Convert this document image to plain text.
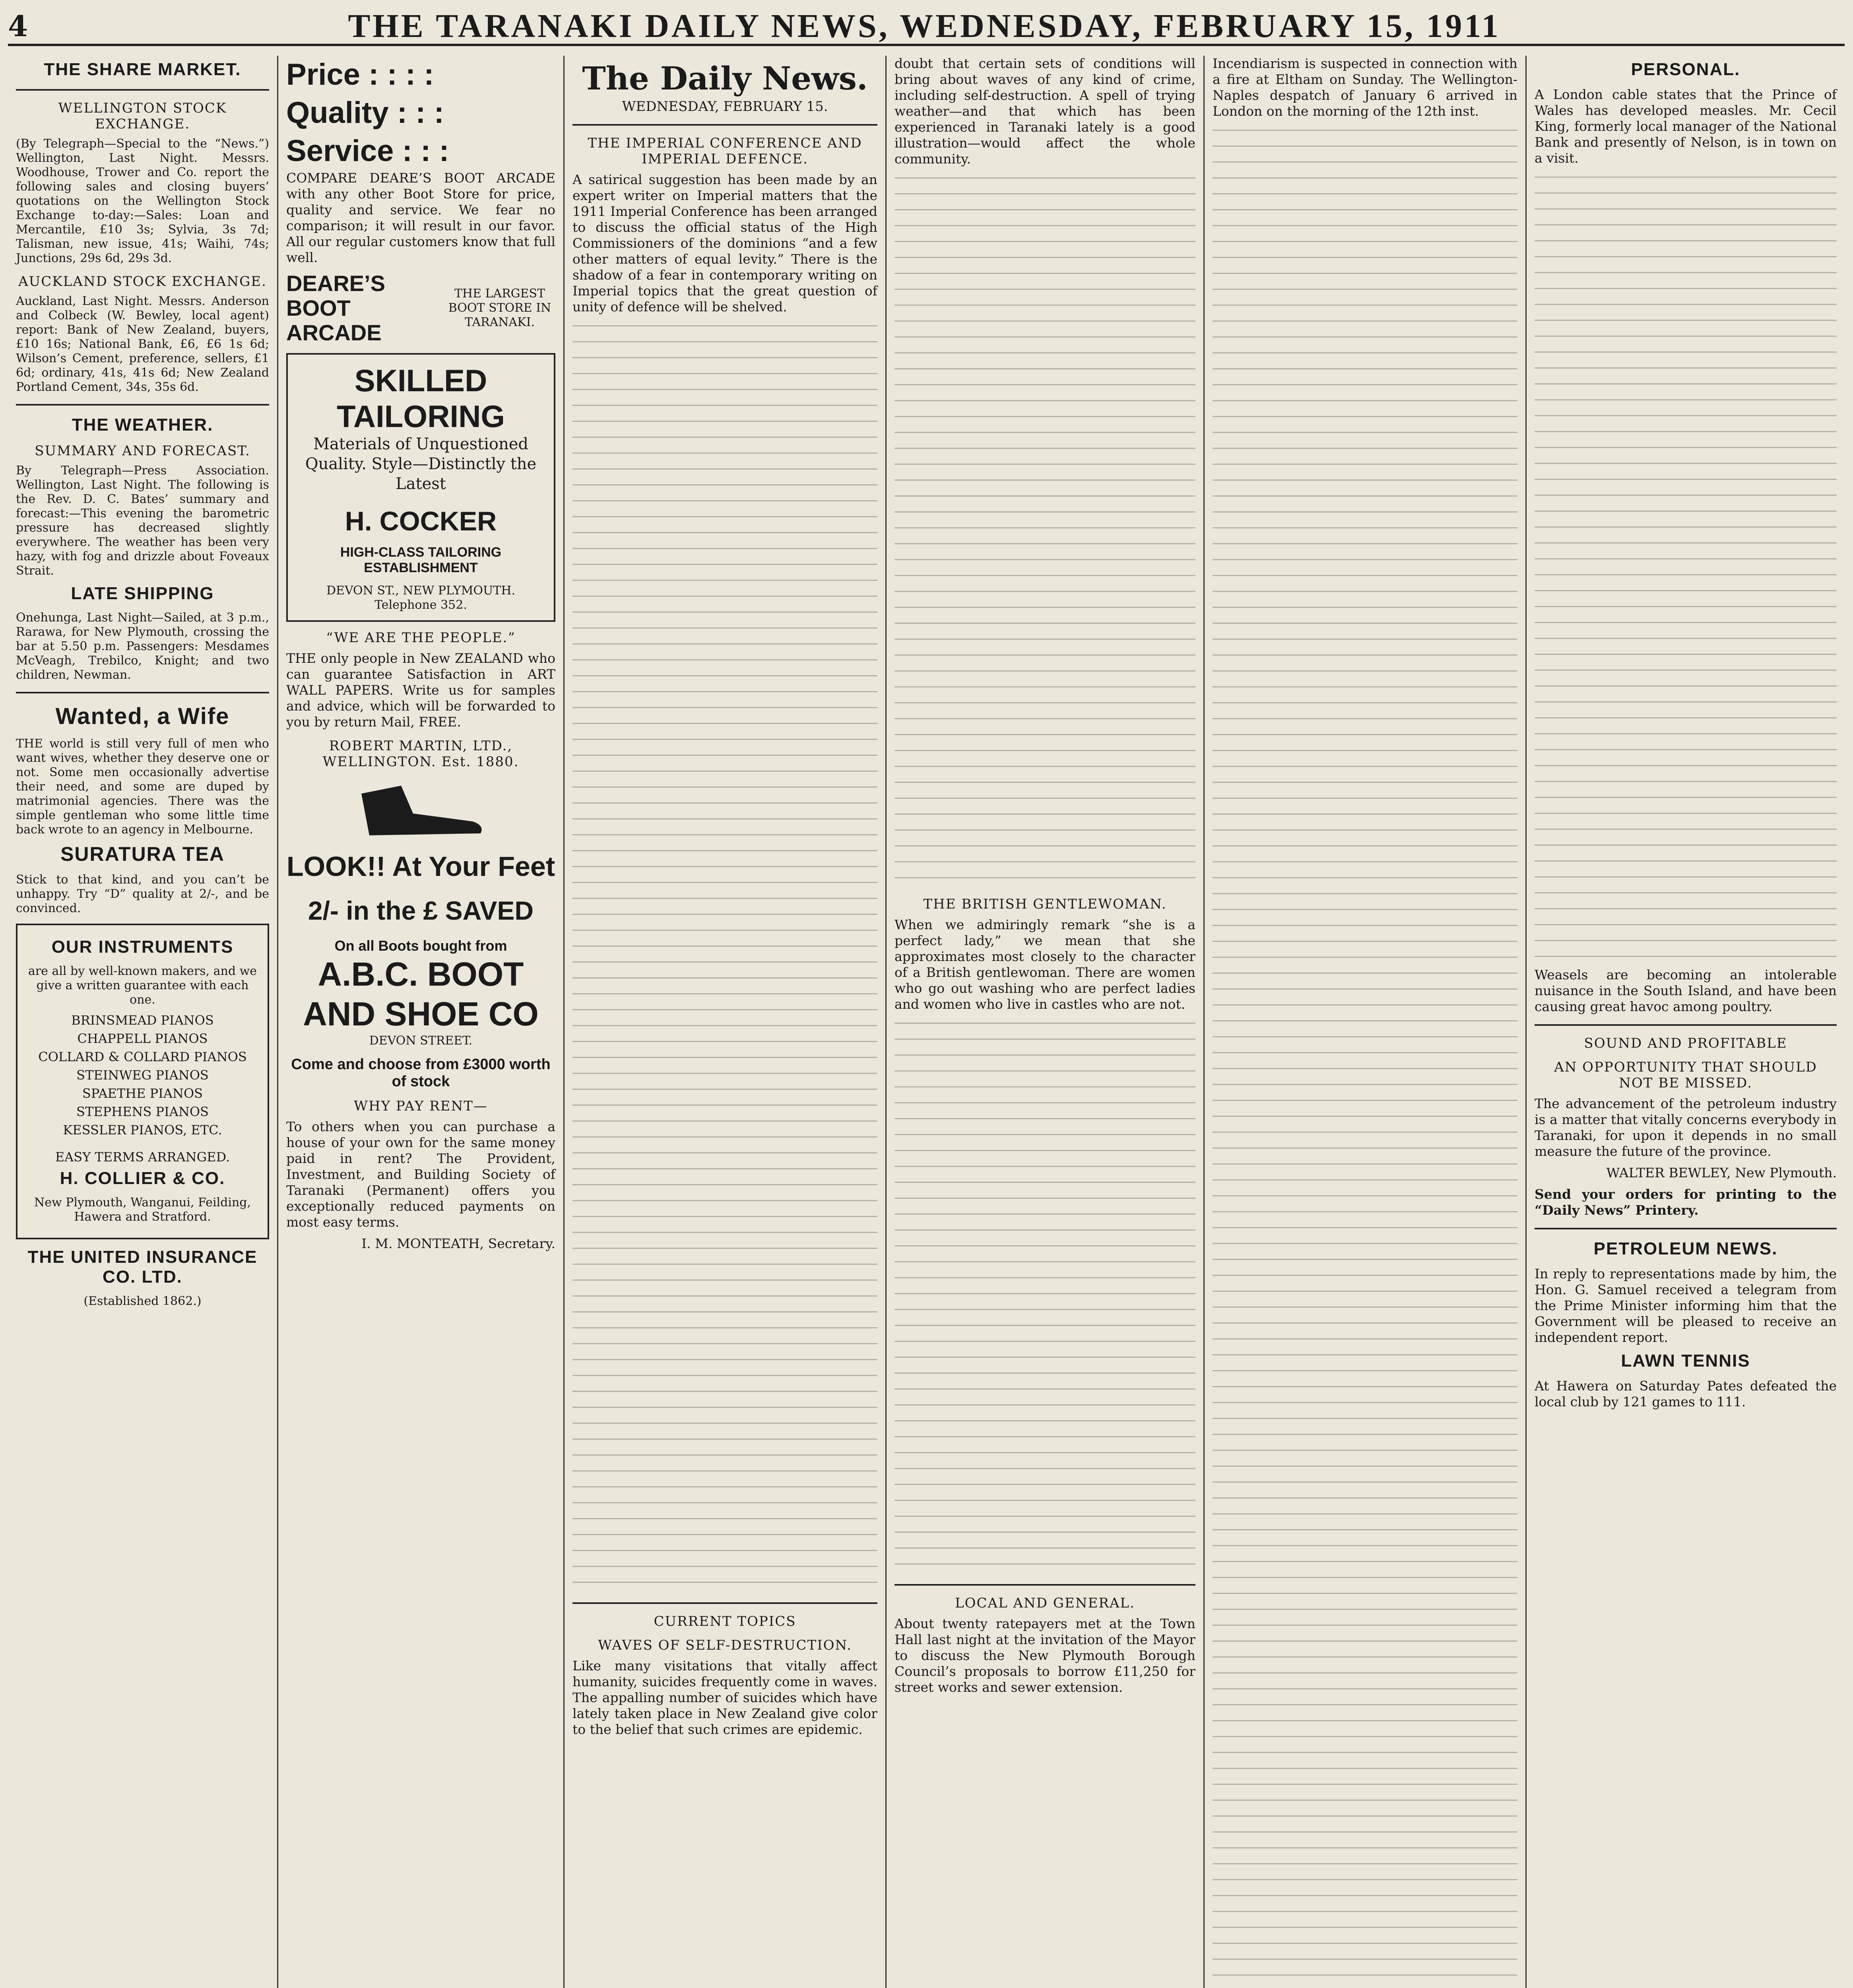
4	THE TARANAKI DAILY NEWS, WEDNESDAY, FEBRUARY 15, 1911
THE SHARE MARKET.
WELLINGTON STOCK EXCHANGE.

(By Telegraph—Special to the “News.”) Wellington, Last Night. Messrs. Woodhouse, Trower and Co. report the following sales and closing buyers’ quotations on the Wellington Stock Exchange to-day:—Sales: Loan and Mercantile, £10 3s; Sylvia, 3s 7d; Talisman, new issue, 41s; Waihi, 74s; Junctions, 29s 6d, 29s 3d.

AUCKLAND STOCK EXCHANGE.

Auckland, Last Night. Messrs. Anderson and Colbeck (W. Bewley, local agent) report: Bank of New Zealand, buyers, £10 16s; National Bank, £6, £6 1s 6d; Wilson’s Cement, preference, sellers, £1 6d; ordinary, 41s, 41s 6d; New Zealand Portland Cement, 34s, 35s 6d.

THE WEATHER.
SUMMARY AND FORECAST.

By Telegraph—Press Association. Wellington, Last Night. The following is the Rev. D. C. Bates’ summary and forecast:—This evening the barometric pressure has decreased slightly everywhere. The weather has been very hazy, with fog and drizzle about Foveaux Strait.

LATE SHIPPING

Onehunga, Last Night—Sailed, at 3 p.m., Rarawa, for New Plymouth, crossing the bar at 5.50 p.m. Passengers: Mesdames McVeagh, Trebilco, Knight; and two children, Newman.

Wanted, a Wife

THE world is still very full of men who want wives, whether they deserve one or not. Some men occasionally advertise their need, and some are duped by matrimonial agencies. There was the simple gentleman who some little time back wrote to an agency in Melbourne.

SURATURA TEA

Stick to that kind, and you can’t be unhappy. Try “D” quality at 2/-, and be convinced.

OUR INSTRUMENTS

are all by well-known makers, and we give a written guarantee with each one.

BRINSMEAD PIANOS
CHAPPELL PIANOS
COLLARD & COLLARD PIANOS
STEINWEG PIANOS
SPAETHE PIANOS
STEPHENS PIANOS
KESSLER PIANOS, ETC.
EASY TERMS ARRANGED.
H. COLLIER & CO.

New Plymouth, Wanganui, Feilding, Hawera and Stratford.

THE UNITED INSURANCE CO. LTD.

(Established 1862.)

Price : : : :
Quality : : :
Service : : :

COMPARE DEARE’S BOOT ARCADE with any other Boot Store for price, quality and service. We fear no comparison; it will result in our favor. All our regular customers know that full well.

DEARE’S BOOT ARCADE
THE LARGEST BOOT STORE IN TARANAKI.
SKILLED TAILORING

Materials of Unquestioned Quality. Style—Distinctly the Latest

H. COCKER
HIGH-CLASS TAILORING ESTABLISHMENT
DEVON ST., NEW PLYMOUTH. Telephone 352.
“WE ARE THE PEOPLE.”

THE only people in New ZEALAND who can guarantee Satisfaction in ART WALL PAPERS. Write us for samples and advice, which will be forwarded to you by return Mail, FREE.

ROBERT MARTIN, LTD., WELLINGTON. Est. 1880.
LOOK!! At Your Feet
2/- in the £ SAVED
On all Boots bought from
A.B.C. BOOT AND SHOE CO
DEVON STREET.
Come and choose from £3000 worth of stock
WHY PAY RENT—

To others when you can purchase a house of your own for the same money paid in rent? The Provident, Investment, and Building Society of Taranaki (Permanent) offers you exceptionally reduced payments on most easy terms.

I. M. MONTEATH, Secretary.

The Daily News.
WEDNESDAY, FEBRUARY 15.
THE IMPERIAL CONFERENCE AND IMPERIAL DEFENCE.

A satirical suggestion has been made by an expert writer on Imperial matters that the 1911 Imperial Conference has been arranged to discuss the official status of the High Commissioners of the dominions “and a few other matters of equal levity.” There is the shadow of a fear in contemporary writing on Imperial topics that the great question of unity of defence will be shelved.

CURRENT TOPICS
WAVES OF SELF-DESTRUCTION.

Like many visitations that vitally affect humanity, suicides frequently come in waves. The appalling number of suicides which have lately taken place in New Zealand give color to the belief that such crimes are epidemic.

doubt that certain sets of conditions will bring about waves of any kind of crime, including self-destruction. A spell of trying weather—and that which has been experienced in Taranaki lately is a good illustration—would affect the whole community.

THE BRITISH GENTLEWOMAN.

When we admiringly remark “she is a perfect lady,” we mean that she approximates most closely to the character of a British gentlewoman. There are women who go out washing who are perfect ladies and women who live in castles who are not.

LOCAL AND GENERAL.

About twenty ratepayers met at the Town Hall last night at the invitation of the Mayor to discuss the New Plymouth Borough Council’s proposals to borrow £11,250 for street works and sewer extension.

Incendiarism is suspected in connection with a fire at Eltham on Sunday. The Wellington-Naples despatch of January 6 arrived in London on the morning of the 12th inst.

PERSONAL.

A London cable states that the Prince of Wales has developed measles. Mr. Cecil King, formerly local manager of the National Bank and presently of Nelson, is in town on a visit.

Weasels are becoming an intolerable nuisance in the South Island, and have been causing great havoc among poultry.

SOUND AND PROFITABLE
AN OPPORTUNITY THAT SHOULD NOT BE MISSED.

The advancement of the petroleum industry is a matter that vitally concerns everybody in Taranaki, for upon it depends in no small measure the future of the province.

WALTER BEWLEY, New Plymouth.

Send your orders for printing to the “Daily News” Printery.

PETROLEUM NEWS.

In reply to representations made by him, the Hon. G. Samuel received a telegram from the Prime Minister informing him that the Government will be pleased to receive an independent report.

LAWN TENNIS

At Hawera on Saturday Pates defeated the local club by 121 games to 111.
